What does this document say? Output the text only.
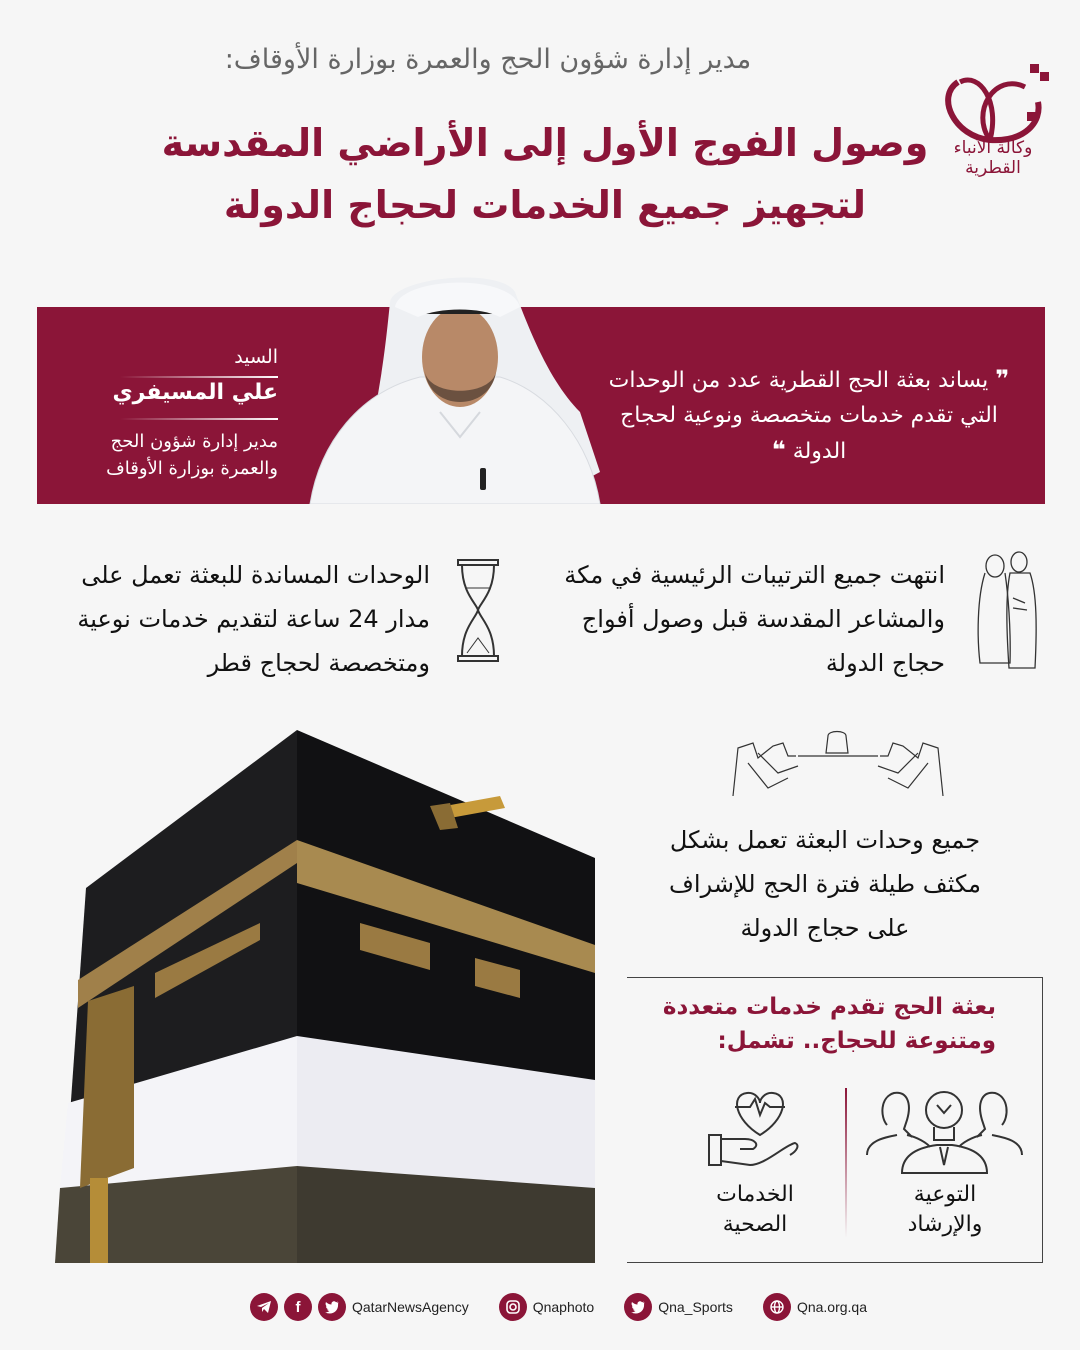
مدير إدارة شؤون الحج والعمرة بوزارة الأوقاف:
وصول الفوج الأول إلى الأراضي المقدسة
لتجهيز جميع الخدمات لحجاج الدولة
وكالة الأنباء
القطرية
❞ يساند بعثة الحج القطرية عدد من الوحدات التي تقدم خدمات متخصصة ونوعية لحجاج الدولة ❝
السيد
علي المسيفري
مدير إدارة شؤون الحج
والعمرة بوزارة الأوقاف
الوحدات المساندة للبعثة تعمل على مدار 24 ساعة لتقديم خدمات نوعية ومتخصصة لحجاج قطر
انتهت جميع الترتيبات الرئيسية في مكة والمشاعر المقدسة قبل وصول أفواج حجاج الدولة
جميع وحدات البعثة تعمل بشكل مكثف طيلة فترة الحج للإشراف على حجاج الدولة
بعثة الحج تقدم خدمات متعددة ومتنوعة للحجاج.. تشمل:
التوعية
والإرشاد
الخدمات
الصحية
f	QatarNewsAgency	Qnaphoto	Qna_Sports	Qna.org.qa
